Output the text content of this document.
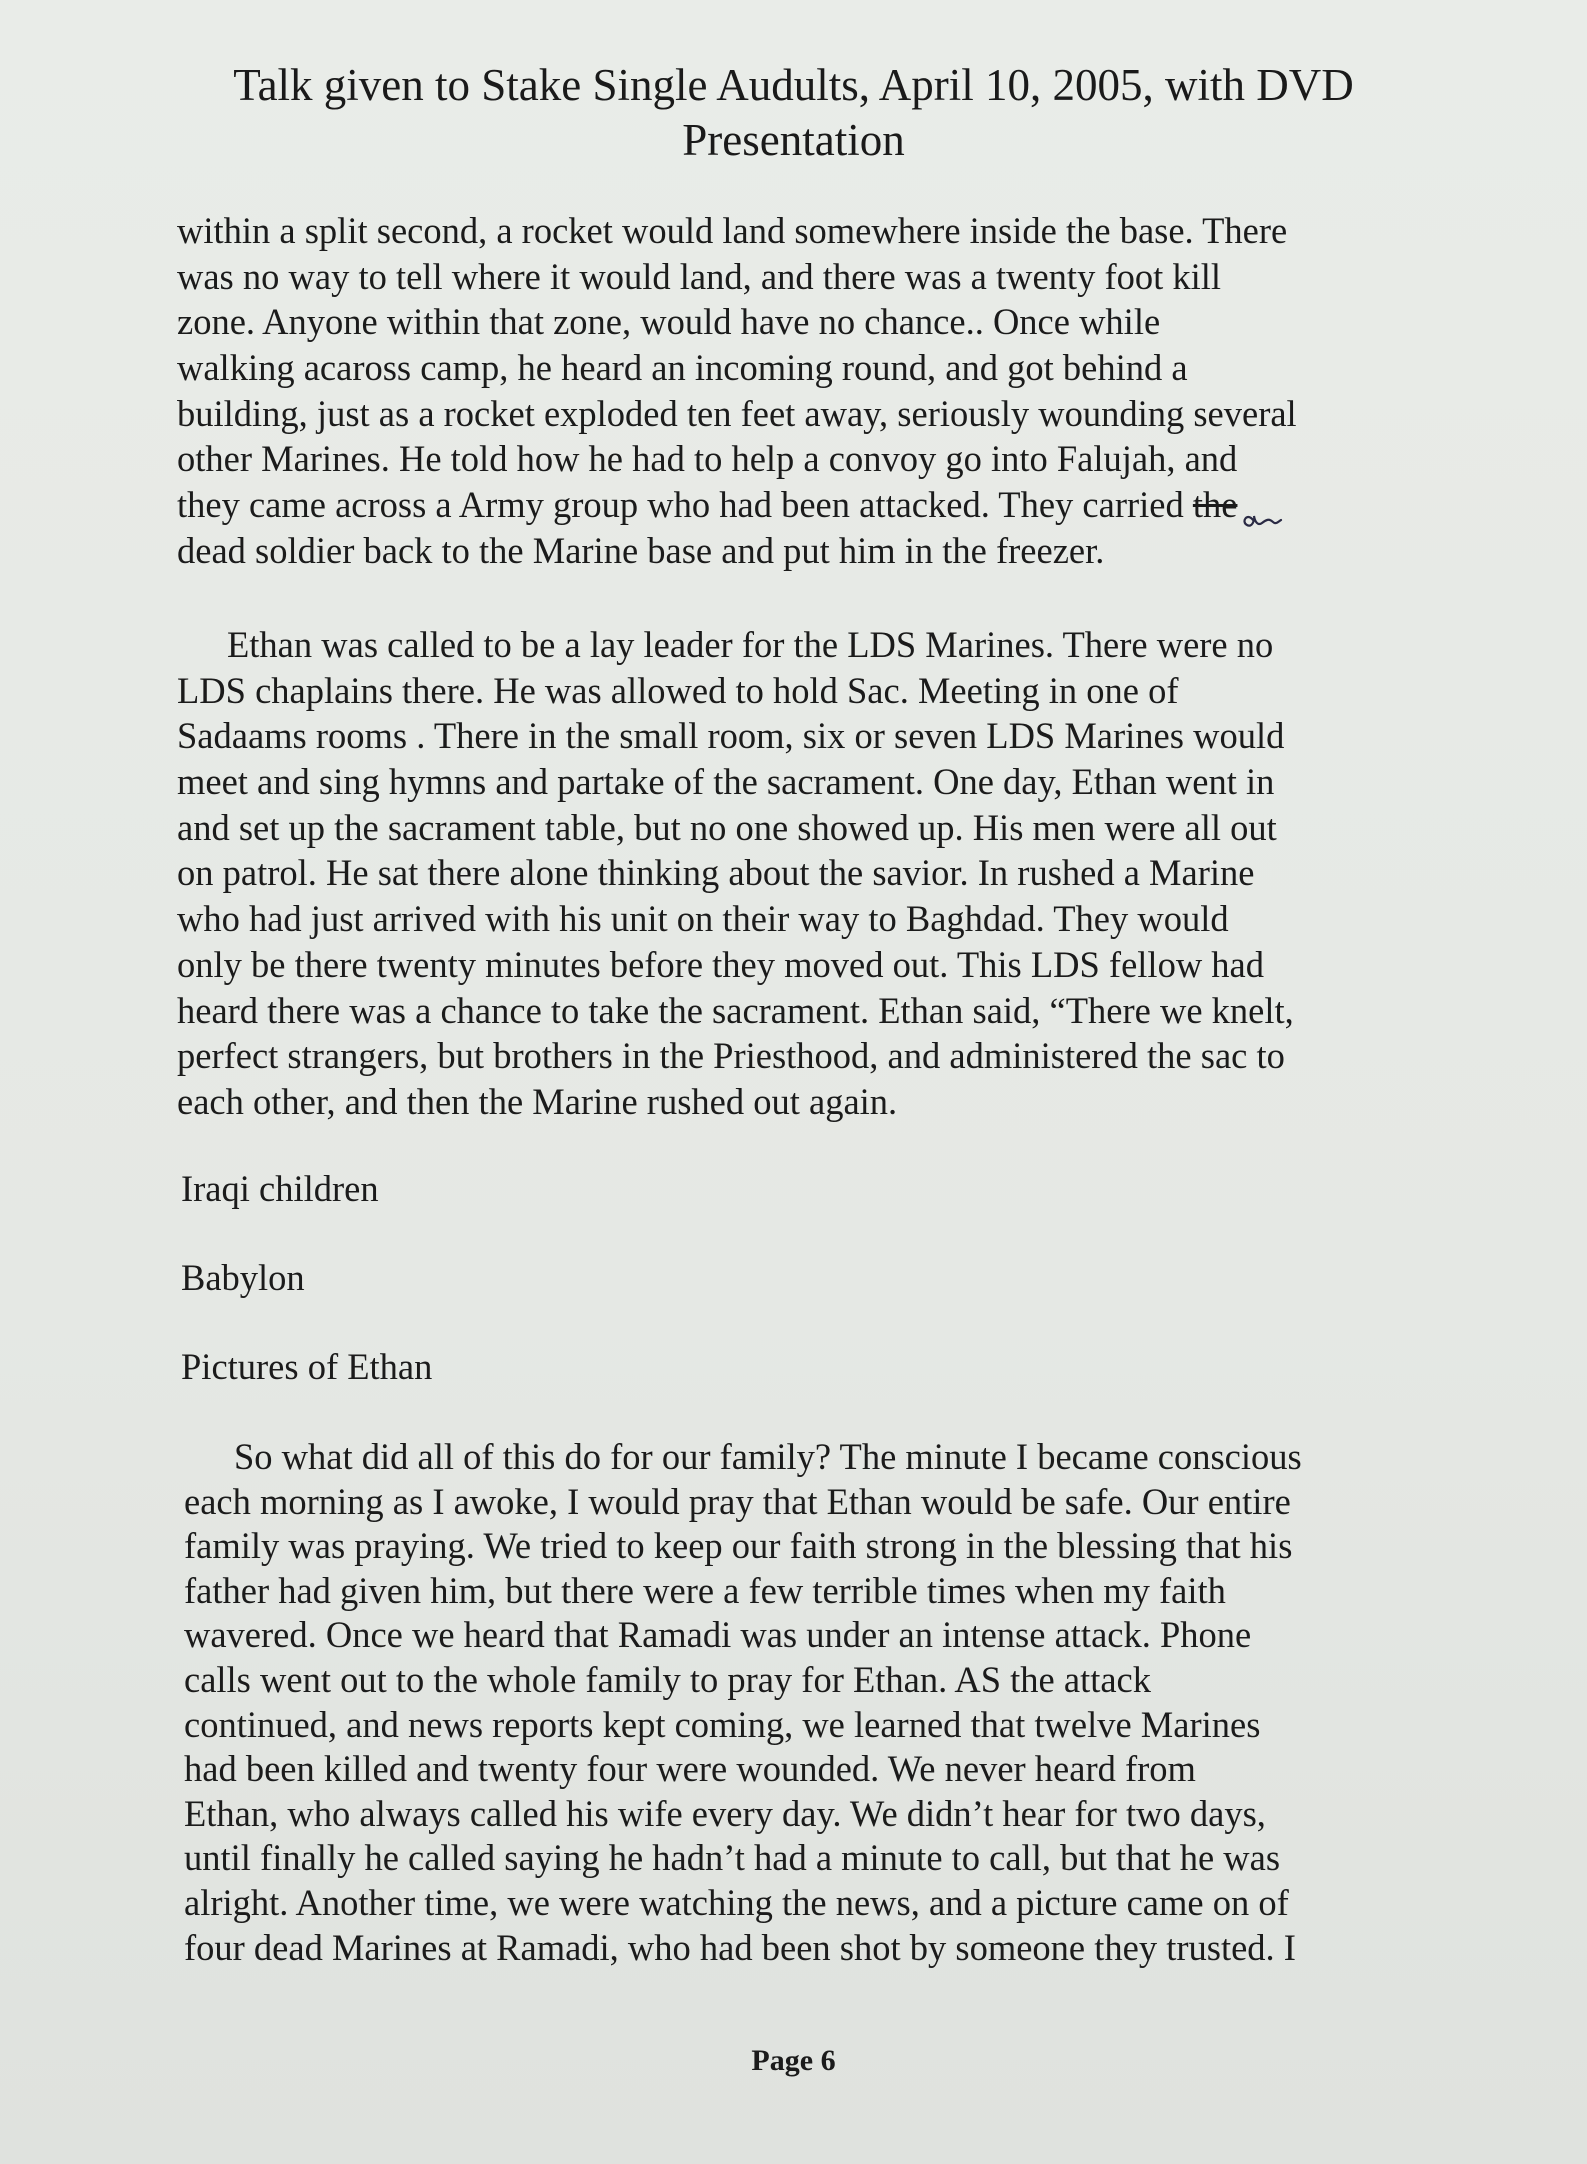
Talk given to Stake Single Audults, April 10, 2005, with DVD
Presentation
within a split second, a rocket would land somewhere inside the base. There
was no way to tell where it would land, and there was a twenty foot kill
zone. Anyone within that zone, would have no chance.. Once while
walking acaross camp, he heard an incoming round, and got behind a
building, just as a rocket exploded ten feet away, seriously wounding several
other Marines. He told how he had to help a convoy go into Falujah, and
they came across a Army group who had been attacked. They carried the
dead soldier back to the Marine base and put him in the freezer.
Ethan was called to be a lay leader for the LDS Marines. There were no
LDS chaplains there. He was allowed to hold Sac. Meeting in one of
Sadaams rooms . There in the small room, six or seven LDS Marines would
meet and sing hymns and partake of the sacrament. One day, Ethan went in
and set up the sacrament table, but no one showed up. His men were all out
on patrol. He sat there alone thinking about the savior. In rushed a Marine
who had just arrived with his unit on their way to Baghdad. They would
only be there twenty minutes before they moved out. This LDS fellow had
heard there was a chance to take the sacrament. Ethan said, “There we knelt,
perfect strangers, but brothers in the Priesthood, and administered the sac to
each other, and then the Marine rushed out again.

Iraqi children

Babylon

Pictures of Ethan

So what did all of this do for our family? The minute I became conscious
each morning as I awoke, I would pray that Ethan would be safe. Our entire
family was praying. We tried to keep our faith strong in the blessing that his
father had given him, but there were a few terrible times when my faith
wavered. Once we heard that Ramadi was under an intense attack. Phone
calls went out to the whole family to pray for Ethan. AS the attack
continued, and news reports kept coming, we learned that twelve Marines
had been killed and twenty four were wounded. We never heard from
Ethan, who always called his wife every day. We didn’t hear for two days,
until finally he called saying he hadn’t had a minute to call, but that he was
alright. Another time, we were watching the news, and a picture came on of
four dead Marines at Ramadi, who had been shot by someone they trusted. I
Page 6
